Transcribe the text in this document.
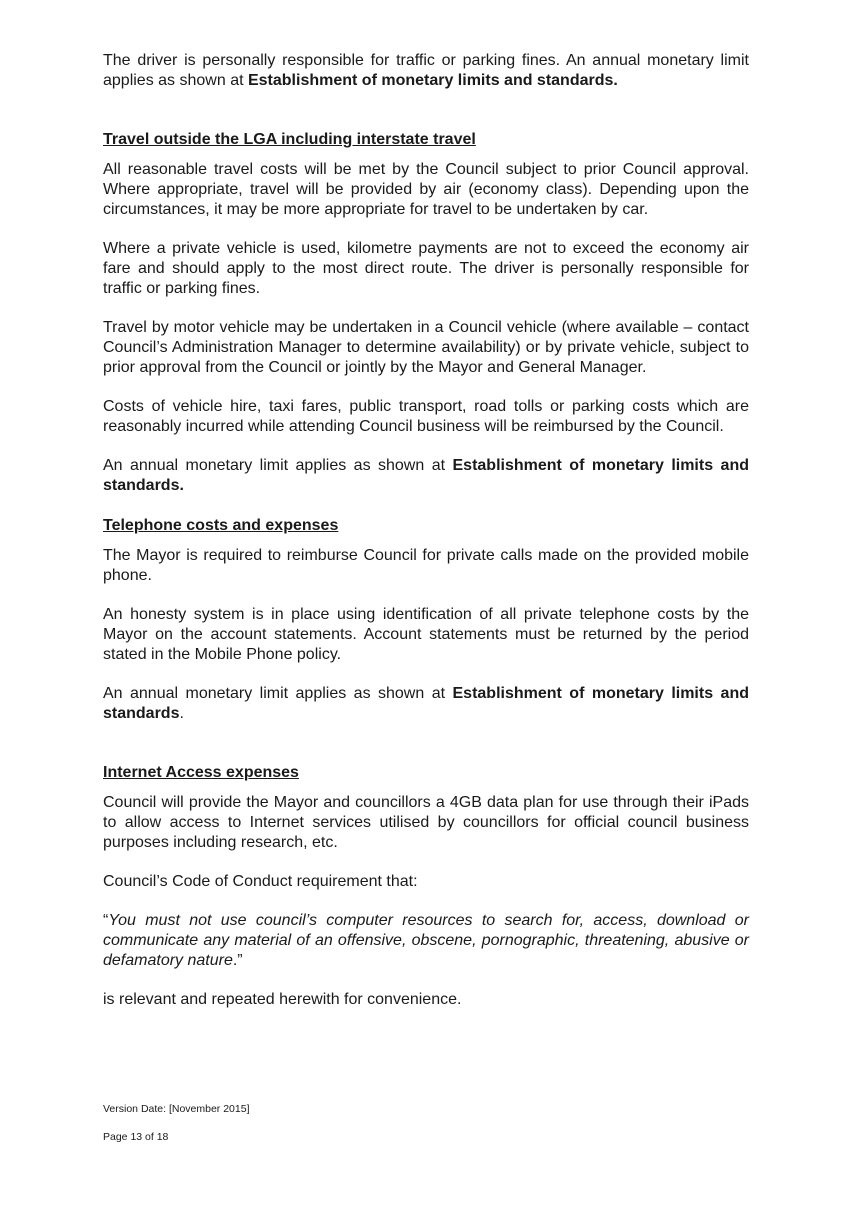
The driver is personally responsible for traffic or parking fines. An annual monetary limit applies as shown at Establishment of monetary limits and standards.

Travel outside the LGA including interstate travel

All reasonable travel costs will be met by the Council subject to prior Council approval. Where appropriate, travel will be provided by air (economy class). Depending upon the circumstances, it may be more appropriate for travel to be undertaken by car.

Where a private vehicle is used, kilometre payments are not to exceed the economy air fare and should apply to the most direct route. The driver is personally responsible for traffic or parking fines.

Travel by motor vehicle may be undertaken in a Council vehicle (where available – contact Council’s Administration Manager to determine availability) or by private vehicle, subject to prior approval from the Council or jointly by the Mayor and General Manager.

Costs of vehicle hire, taxi fares, public transport, road tolls or parking costs which are reasonably incurred while attending Council business will be reimbursed by the Council.

An annual monetary limit applies as shown at Establishment of monetary limits and standards.

Telephone costs and expenses

The Mayor is required to reimburse Council for private calls made on the provided mobile phone.

An honesty system is in place using identification of all private telephone costs by the Mayor on the account statements. Account statements must be returned by the period stated in the Mobile Phone policy.

An annual monetary limit applies as shown at Establishment of monetary limits and standards.

Internet Access expenses

Council will provide the Mayor and councillors a 4GB data plan for use through their iPads to allow access to Internet services utilised by councillors for official council business purposes including research, etc.

Council’s Code of Conduct requirement that:

“You must not use council’s computer resources to search for, access, download or communicate any material of an offensive, obscene, pornographic, threatening, abusive or defamatory nature.”

is relevant and repeated herewith for convenience.

Version Date: [November 2015]
Page 13 of 18
